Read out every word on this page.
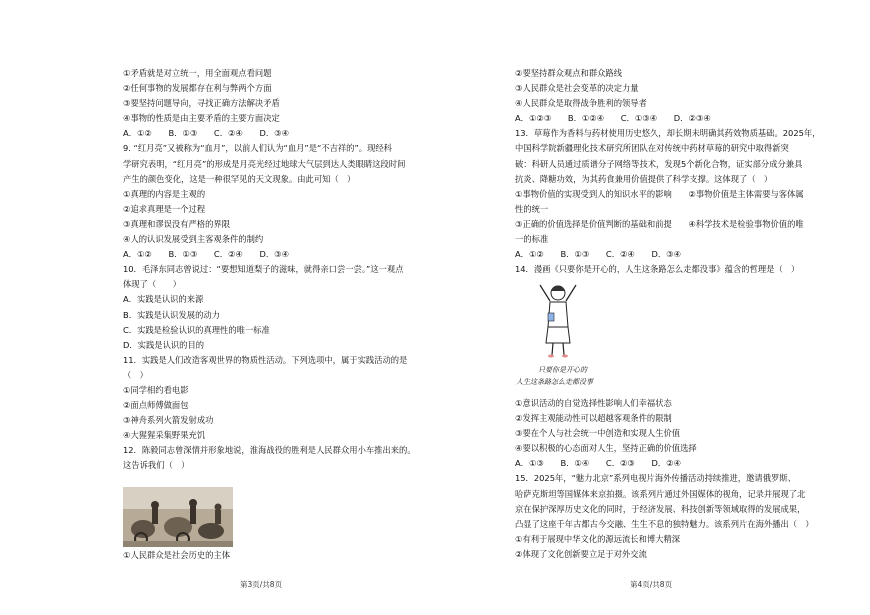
①矛盾就是对立统一，用全面观点看问题
②任何事物的发展都存在利与弊两个方面
③要坚持问题导向，寻找正确方法解决矛盾
④事物的性质是由主要矛盾的主要方面决定
A．①②　　B．①③　　C．②④　　D．③④
9. “红月亮”又被称为“血月”，以前人们认为“血月”是“不吉祥的”。现经科
学研究表明，“红月亮”的形成是月亮光经过地球大气层到达人类眼睛这段时间
产生的颜色变化，这是一种很罕见的天文现象。由此可知（　）
①真理的内容是主观的
②追求真理是一个过程
③真理和谬误没有严格的界限
④人的认识发展受到主客观条件的制约
A．①②　　B．①③　　C．②④　　D．③④
10．毛泽东同志曾说过：“要想知道梨子的滋味，就得亲口尝一尝。”这一观点
体现了（　　）
A．实践是认识的来源
B．实践是认识发展的动力
C．实践是检验认识的真理性的唯一标准
D．实践是认识的目的
11．实践是人们改造客观世界的物质性活动。下列选项中，属于实践活动的是
（　）
①同学相约看电影
②面点师傅做面包
③神舟系列火箭发射成功
④大猩猩采集野果充饥
12．陈毅同志曾深情并形象地说，淮海战役的胜利是人民群众用小车推出来的。
这告诉我们（　）
①人民群众是社会历史的主体
第3页/共8页
②要坚持群众观点和群众路线
③人民群众是社会变革的决定力量
④人民群众是取得战争胜利的领导者
A．①②③　　B．①②④　　C．①③④　　D．②③④
13．草莓作为香料与药材使用历史悠久，却长期未明确其药效物质基础。2025年，
中国科学院新疆理化技术研究所团队在对传统中药材草莓的研究中取得新突
破：科研人员通过质谱分子网络等技术，发现5个新化合物，证实部分成分兼具
抗炎、降糖功效，为其药食兼用价值提供了科学支撑。这体现了（　）
①事物价值的实现受到人的知识水平的影响　　②事物价值是主体需要与客体属
性的统一
③正确的价值选择是价值判断的基础和前提　　④科学技术是检验事物价值的唯
一的标准
A．①②　　B．①③　　C．②④　　D．③④
14．漫画《只要你是开心的，人生这条路怎么走都没事》蕴含的哲理是（　）
只要你是开心的
人生这条路怎么走都没事
①意识活动的自觉选择性影响人们幸福状态
②发挥主观能动性可以超越客观条件的限制
③要在个人与社会统一中创造和实现人生价值
④要以积极的心态面对人生，坚持正确的价值选择
A．①③　　B．①④　　C．②③　　D．②④
15．2025年，“魅力北京”系列电视片海外传播活动持续推进，邀请俄罗斯、
哈萨克斯坦等国媒体来京拍摄。该系列片通过外国媒体的视角，记录并展现了北
京在保护深厚历史文化的同时，于经济发展、科技创新等领域取得的发展成果，
凸显了这座千年古都古今交融、生生不息的独特魅力。该系列片在海外播出（　）
①有利于展现中华文化的源远流长和博大精深
②体现了文化创新要立足于对外交流
第4页/共8页
